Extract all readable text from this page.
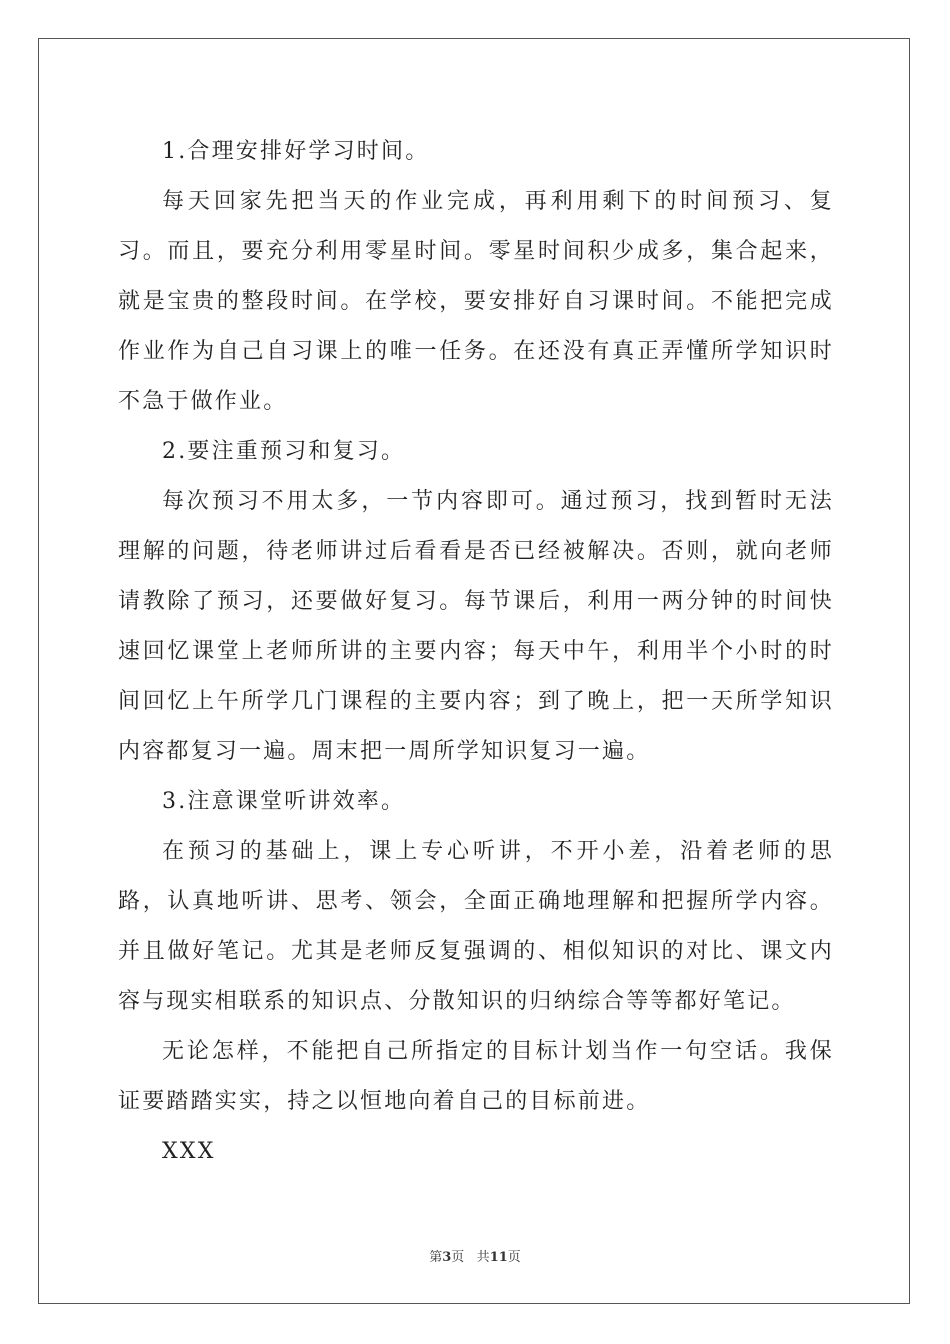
1.合理安排好学习时间。

每天回家先把当天的作业完成，再利用剩下的时间预习、复习。而且，要充分利用零星时间。零星时间积少成多，集合起来，就是宝贵的整段时间。在学校，要安排好自习课时间。不能把完成作业作为自己自习课上的唯一任务。在还没有真正弄懂所学知识时不急于做作业。

2.要注重预习和复习。

每次预习不用太多，一节内容即可。通过预习，找到暂时无法理解的问题，待老师讲过后看看是否已经被解决。否则，就向老师请教除了预习，还要做好复习。每节课后，利用一两分钟的时间快速回忆课堂上老师所讲的主要内容；每天中午，利用半个小时的时间回忆上午所学几门课程的主要内容；到了晚上，把一天所学知识内容都复习一遍。周末把一周所学知识复习一遍。

3.注意课堂听讲效率。

在预习的基础上，课上专心听讲，不开小差，沿着老师的思路，认真地听讲、思考、领会，全面正确地理解和把握所学内容。并且做好笔记。尤其是老师反复强调的、相似知识的对比、课文内容与现实相联系的知识点、分散知识的归纳综合等等都好笔记。

无论怎样，不能把自己所指定的目标计划当作一句空话。我保证要踏踏实实，持之以恒地向着自己的目标前进。

XXX

第3页 共11页
